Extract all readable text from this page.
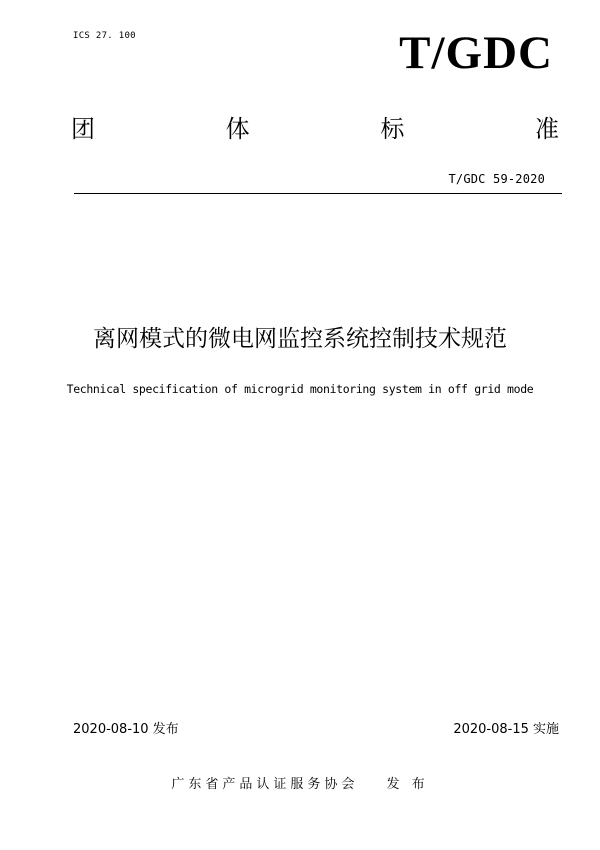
ICS 27. 100	T/GDC
团	体	标	准
T/GDC 59-2020
离网模式的微电网监控系统控制技术规范
Technical specification of microgrid monitoring system in off grid mode
2020-08-10 发布	2020-08-15 实施
广东省产品认证服务协会 发 布
